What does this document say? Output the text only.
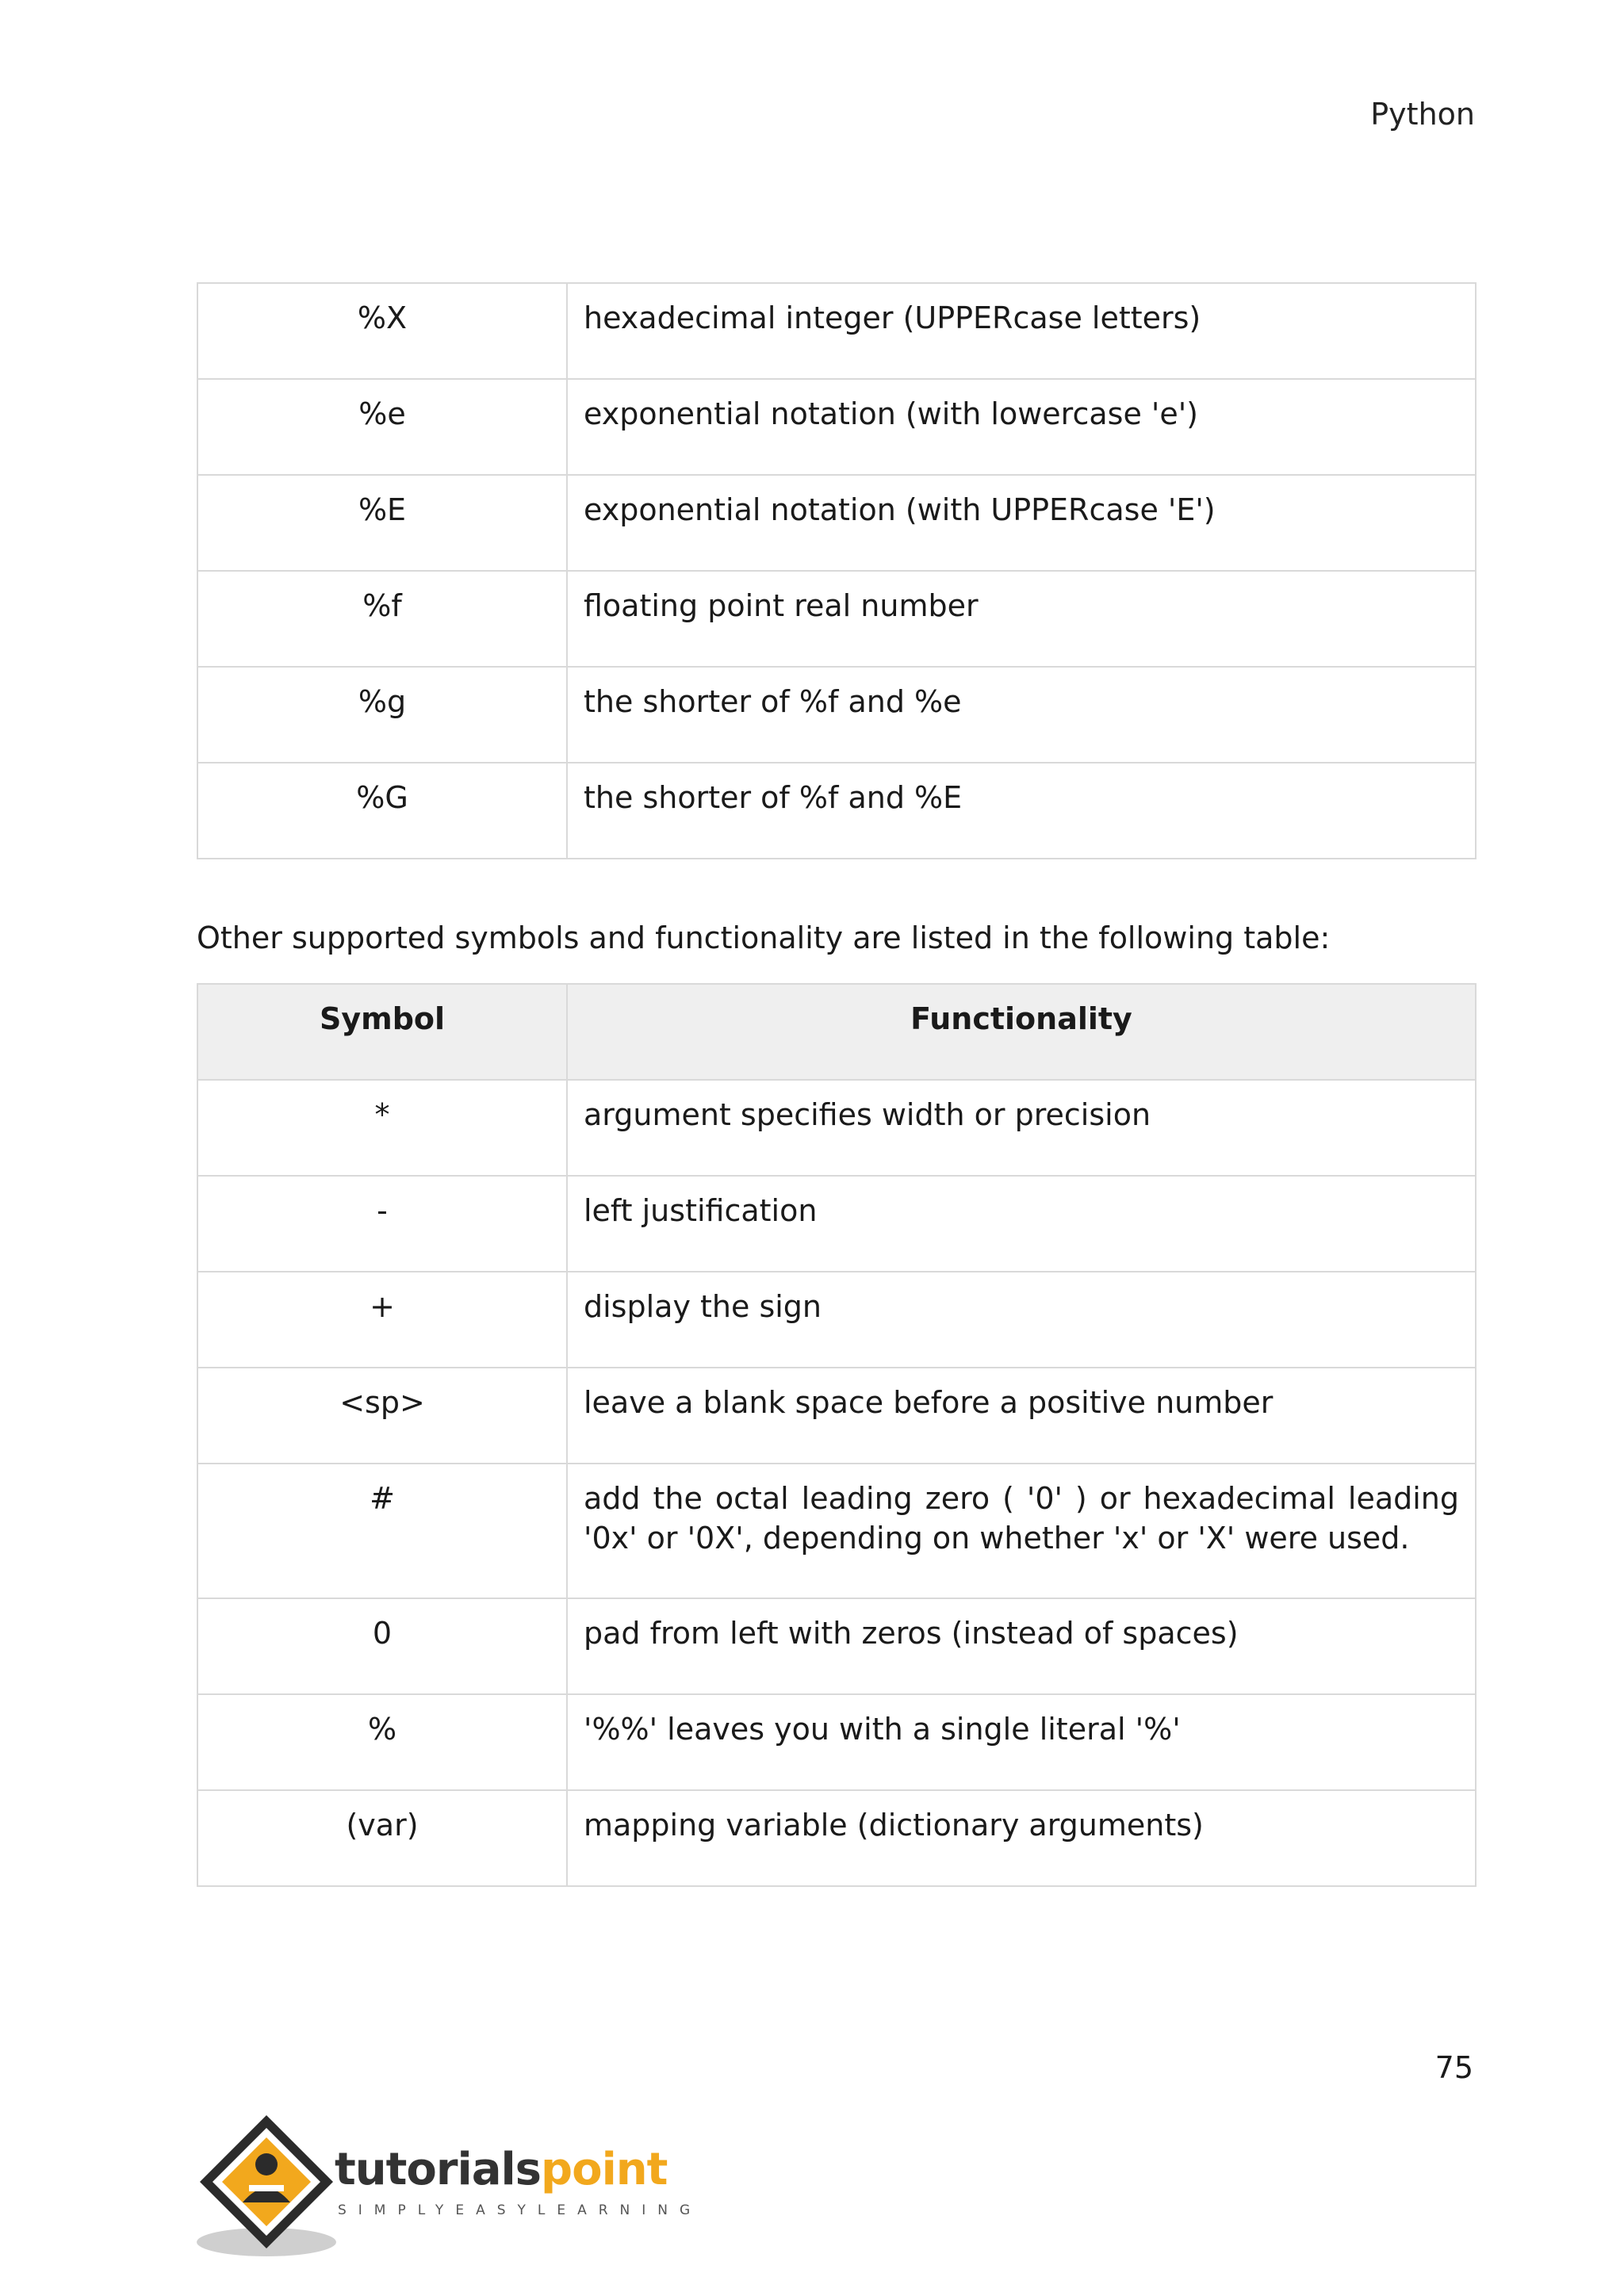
Python
%X	hexadecimal integer (UPPERcase letters)
%e	exponential notation (with lowercase 'e')
%E	exponential notation (with UPPERcase 'E')
%f	floating point real number
%g	the shorter of %f and %e
%G	the shorter of %f and %E
Other supported symbols and functionality are listed in the following table:
Symbol	Functionality
*	argument specifies width or precision
-	left justification
+	display the sign
<sp>	leave a blank space before a positive number
#	add the octal leading zero ( '0' ) or hexadecimal leading '0x' or '0X', depending on whether 'x' or 'X' were used.
0	pad from left with zeros (instead of spaces)
%	'%%' leaves you with a single literal '%'
(var)	mapping variable (dictionary arguments)
75
tutorialspoint
SIMPLYEASYLEARNING
